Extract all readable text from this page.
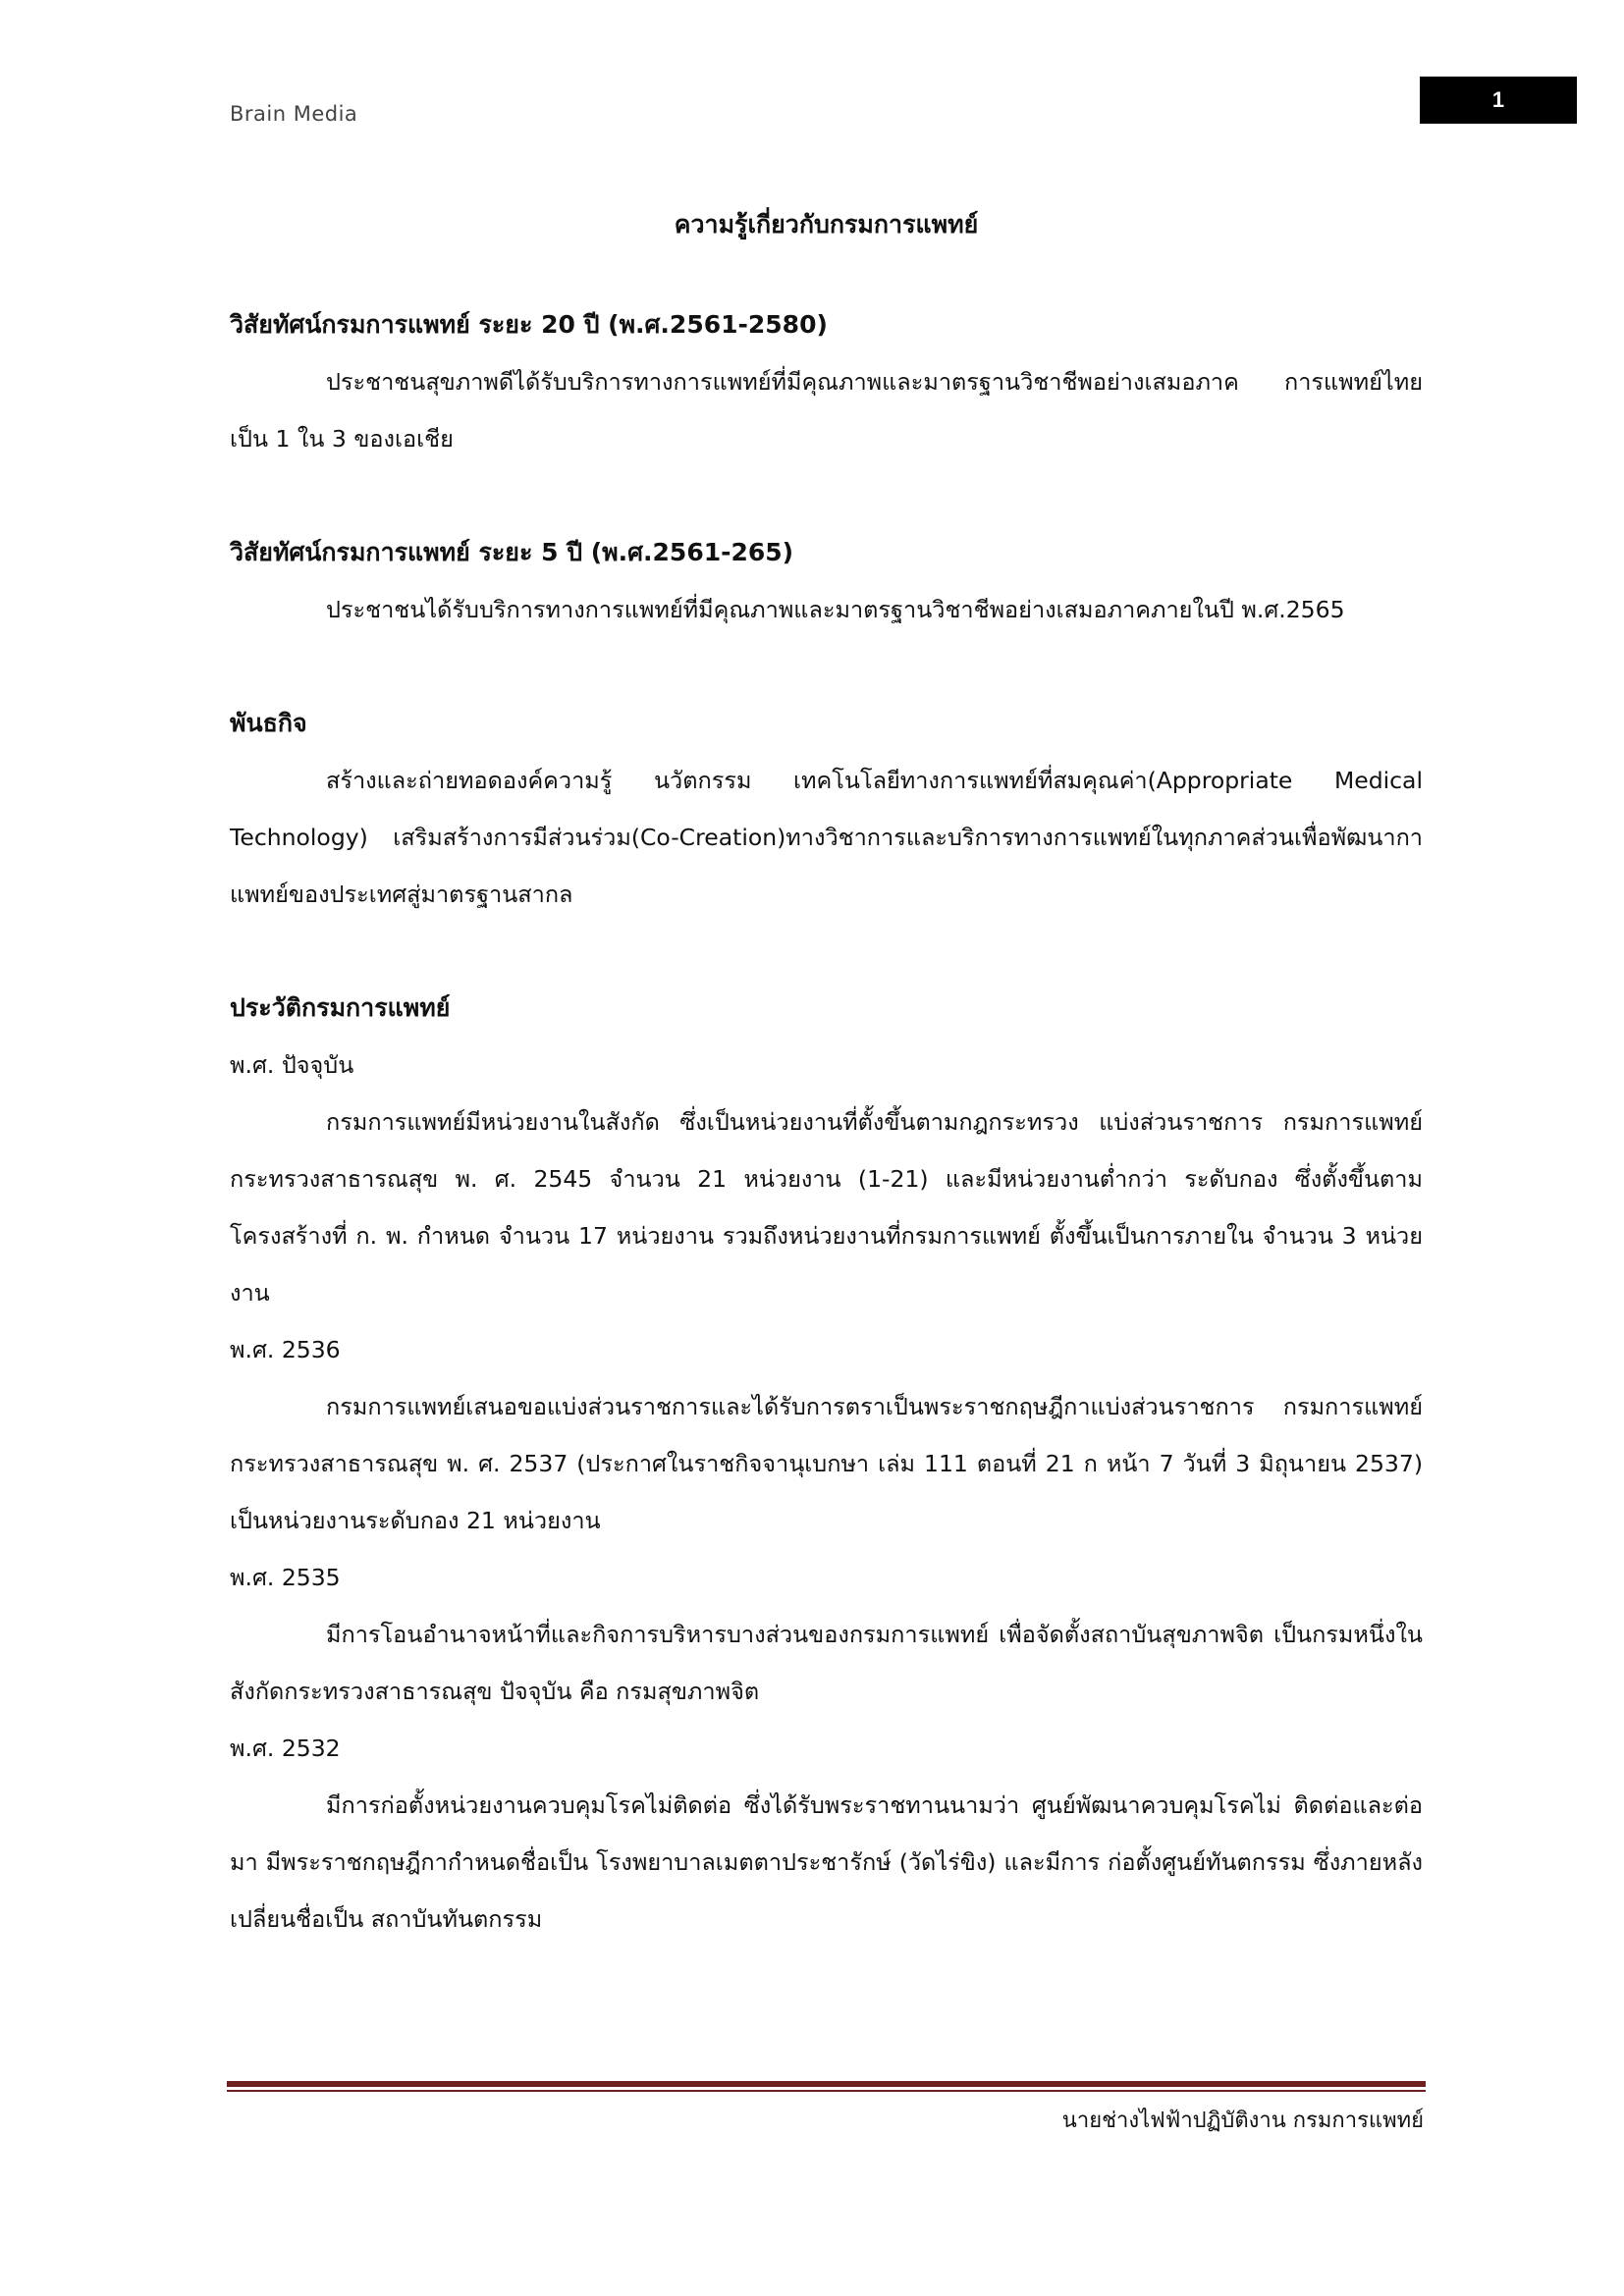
Brain Media
1
ความรู้เกี่ยวกับกรมการแพทย์
วิสัยทัศน์กรมการแพทย์ ระยะ 20 ปี (พ.ศ.2561-2580)

ประชาชนสุขภาพดีได้รับบริการทางการแพทย์ที่มีคุณภาพและมาตรฐานวิชาชีพอย่างเสมอภาค การแพทย์ไทย เป็น 1 ใน 3 ของเอเชีย

วิสัยทัศน์กรมการแพทย์ ระยะ 5 ปี (พ.ศ.2561-265)

ประชาชนได้รับบริการทางการแพทย์ที่มีคุณภาพและมาตรฐานวิชาชีพอย่างเสมอภาคภายในปี พ.ศ.2565

พันธกิจ

สร้างและถ่ายทอดองค์ความรู้ นวัตกรรม เทคโนโลยีทางการแพทย์ที่สมคุณค่า(Appropriate Medical Technology) เสริมสร้างการมีส่วนร่วม(Co-Creation)ทางวิชาการและบริการทางการแพทย์ในทุกภาคส่วนเพื่อพัฒนากาแพทย์ของประเทศสู่มาตรฐานสากล

ประวัติกรมการแพทย์

พ.ศ. ปัจจุบัน

กรมการแพทย์มีหน่วยงานในสังกัด ซึ่งเป็นหน่วยงานที่ตั้งขึ้นตามกฎกระทรวง แบ่งส่วนราชการ กรมการแพทย์ กระทรวงสาธารณสุข พ. ศ. 2545 จำนวน 21 หน่วยงาน (1-21) และมีหน่วยงานต่ำกว่า ระดับกอง ซึ่งตั้งขึ้นตามโครงสร้างที่ ก. พ. กำหนด จำนวน 17 หน่วยงาน รวมถึงหน่วยงานที่กรมการแพทย์ ตั้งขึ้นเป็นการภายใน จำนวน 3 หน่วยงาน

พ.ศ. 2536

กรมการแพทย์เสนอขอแบ่งส่วนราชการและได้รับการตราเป็นพระราชกฤษฎีกาแบ่งส่วนราชการ กรมการแพทย์ กระทรวงสาธารณสุข พ. ศ. 2537 (ประกาศในราชกิจจานุเบกษา เล่ม 111 ตอนที่ 21 ก หน้า 7 วันที่ 3 มิถุนายน 2537) เป็นหน่วยงานระดับกอง 21 หน่วยงาน

พ.ศ. 2535

มีการโอนอำนาจหน้าที่และกิจการบริหารบางส่วนของกรมการแพทย์ เพื่อจัดตั้งสถาบันสุขภาพจิต เป็นกรมหนึ่งในสังกัดกระทรวงสาธารณสุข ปัจจุบัน คือ กรมสุขภาพจิต

พ.ศ. 2532

มีการก่อตั้งหน่วยงานควบคุมโรคไม่ติดต่อ ซึ่งได้รับพระราชทานนามว่า ศูนย์พัฒนาควบคุมโรคไม่ ติดต่อและต่อมา มีพระราชกฤษฎีกากำหนดชื่อเป็น โรงพยาบาลเมตตาประชารักษ์ (วัดไร่ขิง) และมีการ ก่อตั้งศูนย์ทันตกรรม ซึ่งภายหลังเปลี่ยนชื่อเป็น สถาบันทันตกรรม

นายช่างไฟฟ้าปฏิบัติงาน กรมการแพทย์
